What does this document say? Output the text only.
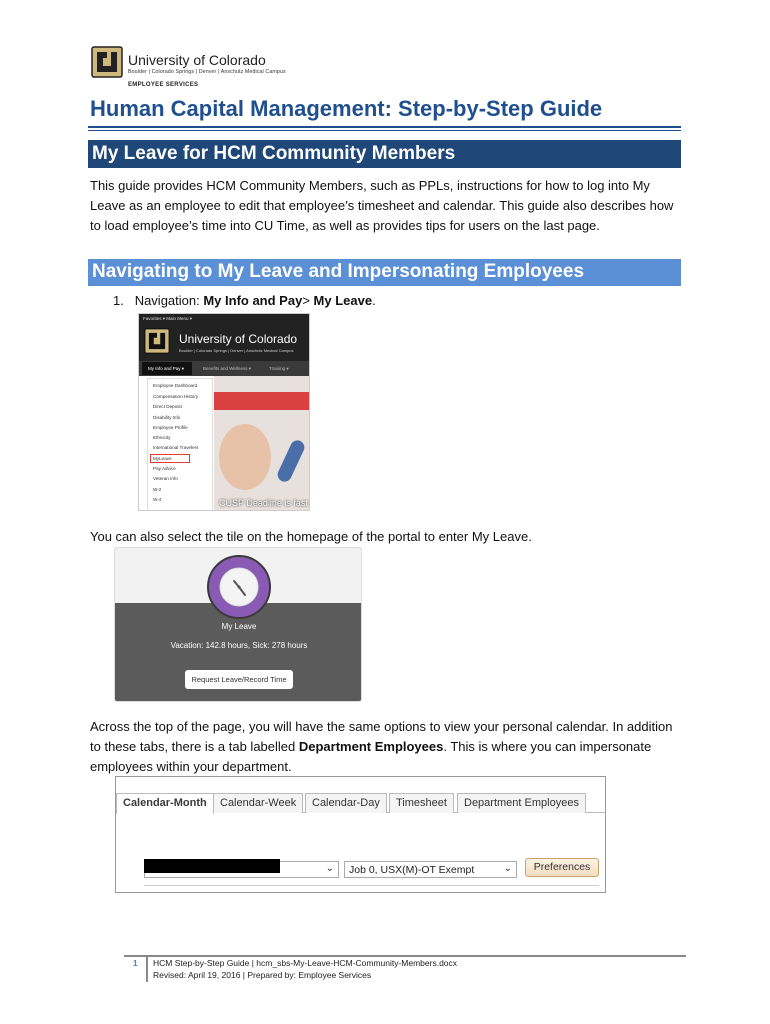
University of Colorado
Boulder | Colorado Springs | Denver | Anschutz Medical Campus
EMPLOYEE SERVICES
Human Capital Management: Step-by-Step Guide
My Leave for HCM Community Members

This guide provides HCM Community Members, such as PPLs, instructions for how to log into My Leave as an employee to edit that employee’s timesheet and calendar. This guide also describes how to load employee’s time into CU Time, as well as provides tips for users on the last page.

Navigating to My Leave and Impersonating Employees
1. Navigation: My Info and Pay> My Leave.
Favorites ▾ Main Menu ▾
University of Colorado
Boulder | Colorado Springs | Denver | Anschutz Medical Campus
My Info and Pay ▾	Benefits and Wellness ▾	Training ▾
CUSP Deadline is fast
Employee Dashboard
Compensation History
Direct Deposit
Disability Info
Employee Profile
Ethnicity
International Travelers
MyLeave
Pay Advice
Veteran Info
W-2
W-4

You can also select the tile on the homepage of the portal to enter My Leave.

My Leave
Vacation: 142.8 hours, Sick: 278 hours
Request Leave/Record Time

Across the top of the page, you will have the same options to view your personal calendar. In addition to these tabs, there is a tab labelled Department Employees. This is where you can impersonate employees within your department.

Calendar-Month	Calendar-Week	Calendar-Day	Timesheet	Department Employees
⌄	Job 0, USX(M)-OT Exempt	⌄	Preferences
1 HCM Step-by-Step Guide | hcm_sbs-My-Leave-HCM-Community-Members.docx
Revised: April 19, 2016 | Prepared by: Employee Services
